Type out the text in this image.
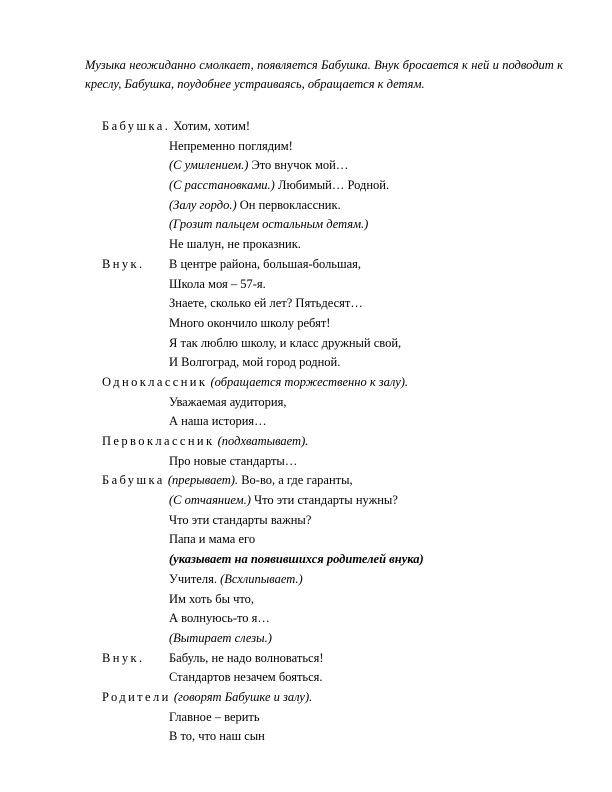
Музыка неожиданно смолкает, появляется Бабушка. Внук бросается к ней и подводит к креслу, Бабушка, поудобнее устраиваясь, обращается к детям.
Бабушка. Хотим, хотим!
Непременно поглядим!
(С умилением.) Это внучок мой…
(С расстановками.) Любимый… Родной.
(Залу гордо.) Он первоклассник.
(Грозит пальцем остальным детям.)
Не шалун, не проказник.
Внук. В центре района, большая-большая,
Школа моя – 57-я.
Знаете, сколько ей лет? Пятьдесят…
Много окончило школу ребят!
Я так люблю школу, и класс дружный свой,
И Волгоград, мой город родной.
Одноклассник (обращается торжественно к залу).
Уважаемая аудитория,
А наша история…
Первоклассник (подхватывает).
Про новые стандарты…
Бабушка (прерывает). Во-во, а где гаранты,
(С отчаянием.) Что эти стандарты нужны?
Что эти стандарты важны?
Папа и мама его
(указывает на появившихся родителей внука)
Учителя. (Всхлипывает.)
Им хоть бы что,
А волнуюсь-то я…
(Вытирает слезы.)
Внук. Бабуль, не надо волноваться!
Стандартов незачем бояться.
Родители (говорят Бабушке и залу).
Главное – верить
В то, что наш сын
